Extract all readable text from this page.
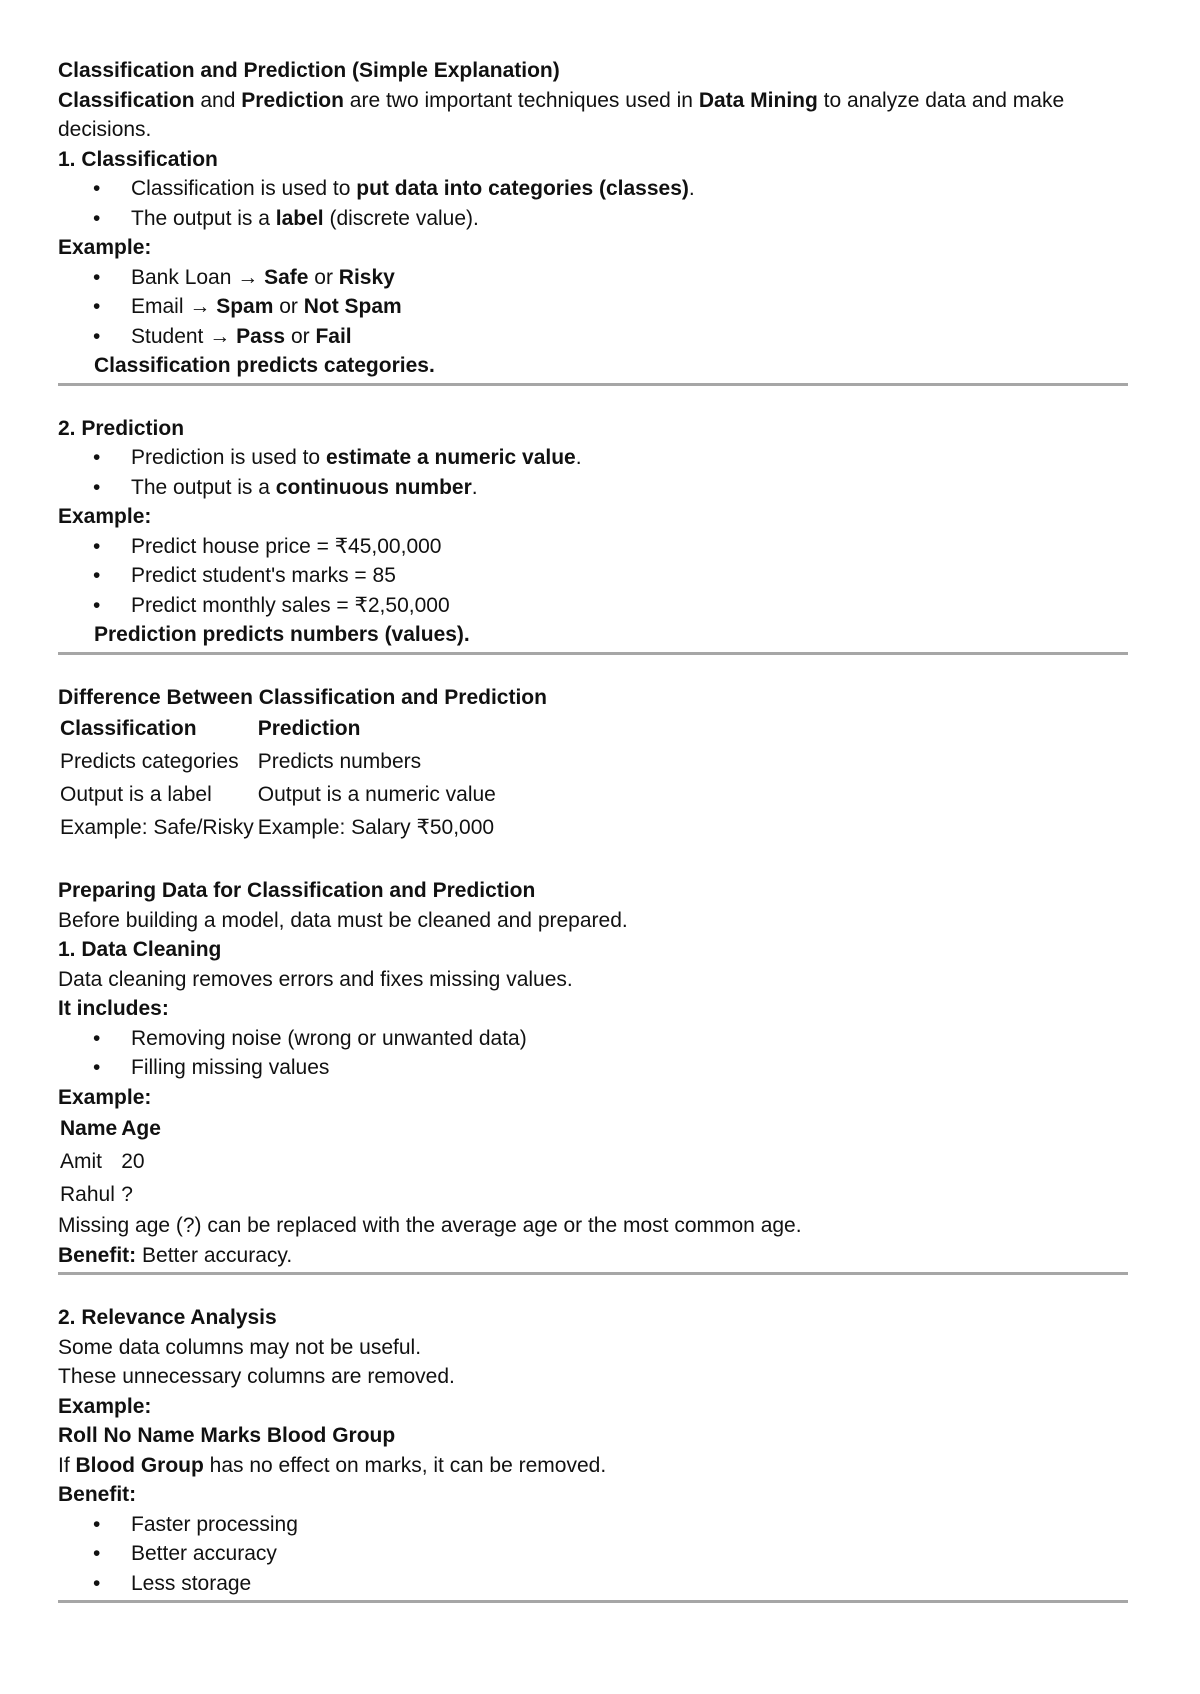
Classification and Prediction (Simple Explanation)
Classification and Prediction are two important techniques used in Data Mining to analyze data and make decisions.
1. Classification
• Classification is used to put data into categories (classes).
• The output is a label (discrete value).
Example:
• Bank Loan → Safe or Risky
• Email → Spam or Not Spam
• Student → Pass or Fail
Classification predicts categories.
2. Prediction
• Prediction is used to estimate a numeric value.
• The output is a continuous number.
Example:
• Predict house price = ₹45,00,000
• Predict student's marks = 85
• Predict monthly sales = ₹2,50,000
Prediction predicts numbers (values).
Difference Between Classification and Prediction
Classification	Prediction
Predicts categories	Predicts numbers
Output is a label	Output is a numeric value
Example: Safe/Risky	Example: Salary ₹50,000
Preparing Data for Classification and Prediction
Before building a model, data must be cleaned and prepared.
1. Data Cleaning
Data cleaning removes errors and fixes missing values.
It includes:
• Removing noise (wrong or unwanted data)
• Filling missing values
Example:
Name	Age
Amit	20
Rahul	?
Missing age (?) can be replaced with the average age or the most common age.
Benefit: Better accuracy.
2. Relevance Analysis
Some data columns may not be useful.
These unnecessary columns are removed.
Example:
Roll No Name Marks Blood Group
If Blood Group has no effect on marks, it can be removed.
Benefit:
• Faster processing
• Better accuracy
• Less storage
